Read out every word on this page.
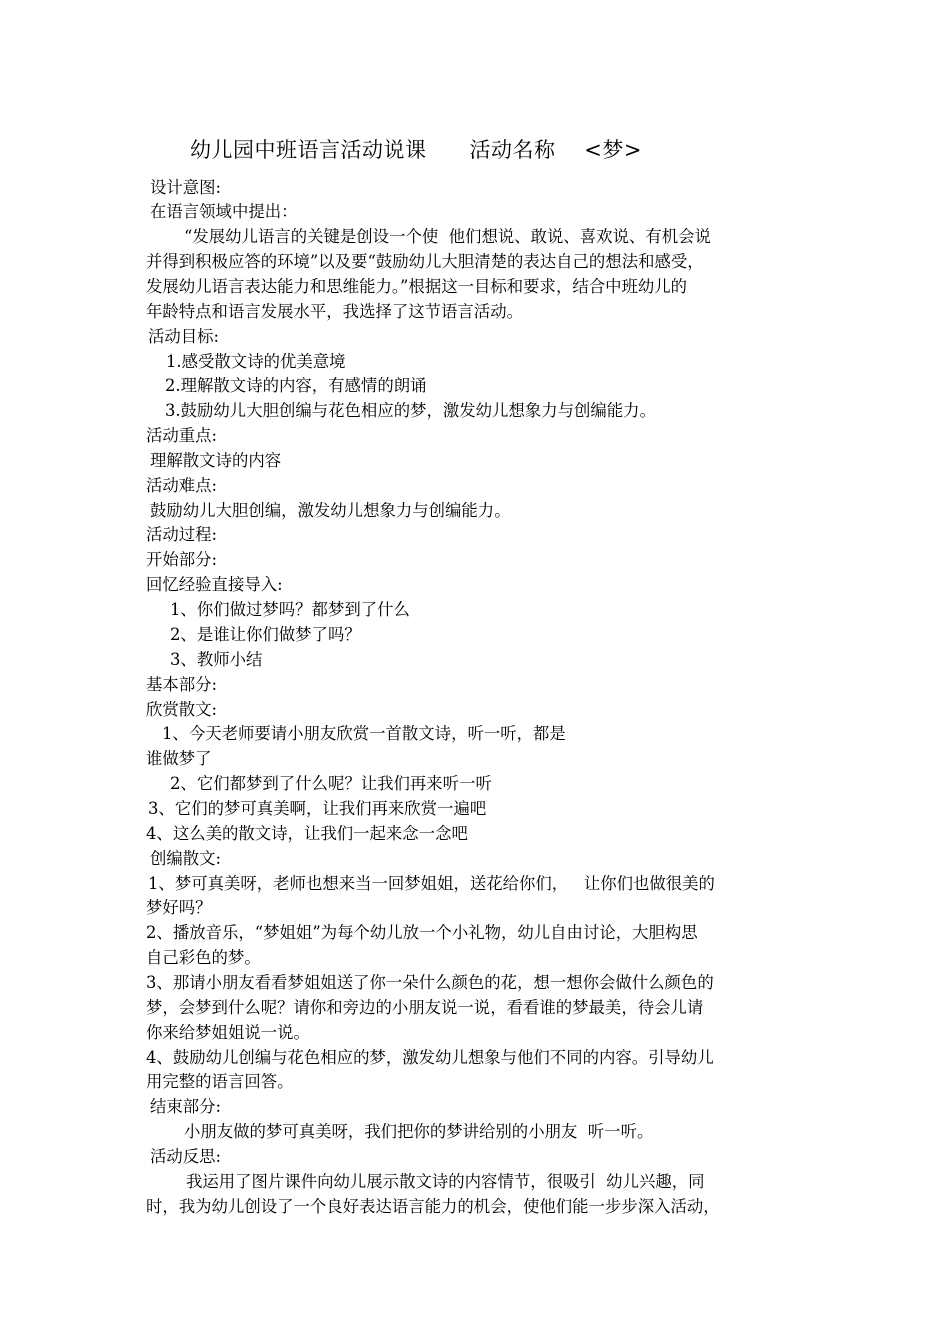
幼儿园中班语言活动说课      活动名称    <梦>
设计意图:
在语言领域中提出：
“发展幼儿语言的关键是创设一个使  他们想说、敢说、喜欢说、有机会说
并得到积极应答的环境”以及要“鼓励幼儿大胆清楚的表达自己的想法和感受，
发展幼儿语言表达能力和思维能力。”根据这一目标和要求，结合中班幼儿的
年龄特点和语言发展水平，我选择了这节语言活动。
活动目标:
1.感受散文诗的优美意境
2.理解散文诗的内容，有感情的朗诵
3.鼓励幼儿大胆创编与花色相应的梦，激发幼儿想象力与创编能力。
活动重点:
理解散文诗的内容
活动难点:
鼓励幼儿大胆创编，激发幼儿想象力与创编能力。
活动过程:
开始部分:
回忆经验直接导入:
1、你们做过梦吗？都梦到了什么
2、是谁让你们做梦了吗？
3、教师小结
基本部分:
欣赏散文:
1、今天老师要请小朋友欣赏一首散文诗，听一听，都是
谁做梦了
2、它们都梦到了什么呢？让我们再来听一听
3、它们的梦可真美啊，让我们再来欣赏一遍吧
4、这么美的散文诗，让我们一起来念一念吧
创编散文:
1、梦可真美呀，老师也想来当一回梦姐姐，送花给你们，   让你们也做很美的
梦好吗？
2、播放音乐，“梦姐姐”为每个幼儿放一个小礼物，幼儿自由讨论，大胆构思
自己彩色的梦。
3、那请小朋友看看梦姐姐送了你一朵什么颜色的花，想一想你会做什么颜色的
梦，会梦到什么呢？请你和旁边的小朋友说一说，看看谁的梦最美，待会儿请
你来给梦姐姐说一说。
4、鼓励幼儿创编与花色相应的梦，激发幼儿想象与他们不同的内容。引导幼儿
用完整的语言回答。
结束部分:
小朋友做的梦可真美呀，我们把你的梦讲给别的小朋友  听一听。
活动反思:
我运用了图片课件向幼儿展示散文诗的内容情节，很吸引  幼儿兴趣，同
时，我为幼儿创设了一个良好表达语言能力的机会，使他们能一步步深入活动，
